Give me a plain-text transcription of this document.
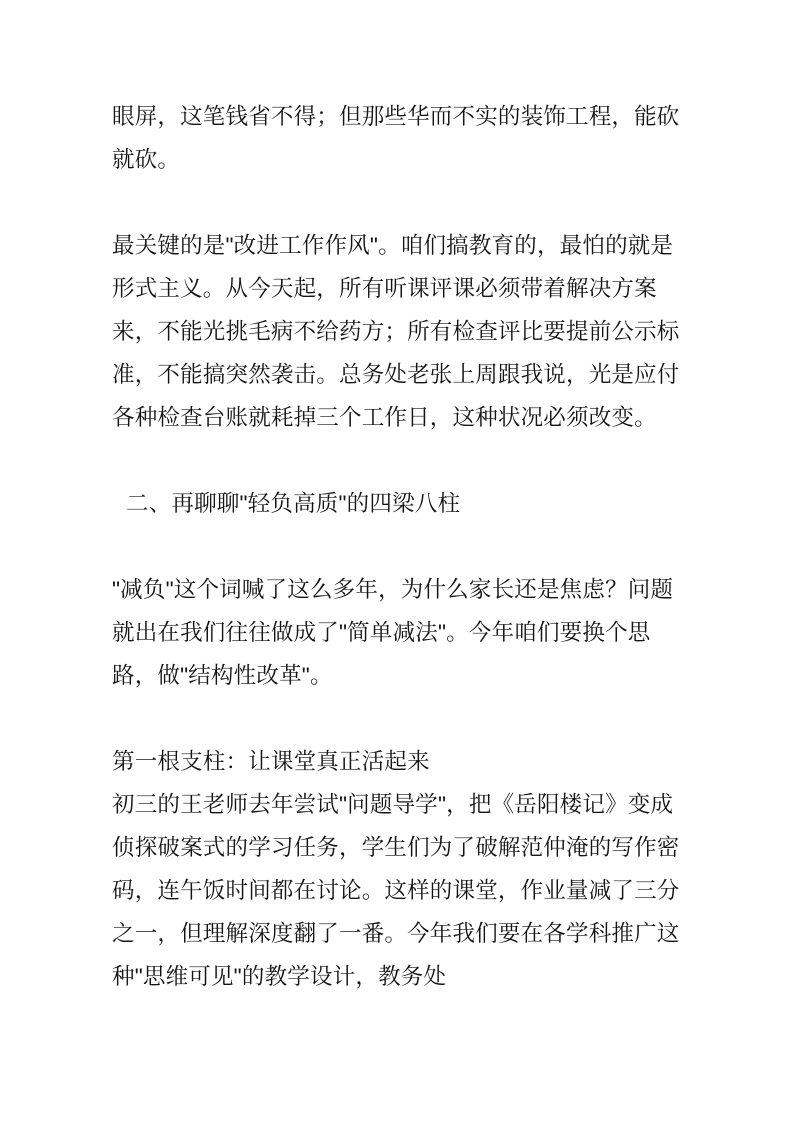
眼屏，这笔钱省不得；但那些华而不实的装饰工程，能砍就砍。

最关键的是"改进工作作风"。咱们搞教育的，最怕的就是形式主义。从今天起，所有听课评课必须带着解决方案来，不能光挑毛病不给药方；所有检查评比要提前公示标准，不能搞突然袭击。总务处老张上周跟我说，光是应付各种检查台账就耗掉三个工作日，这种状况必须改变。

二、再聊聊"轻负高质"的四梁八柱

"减负"这个词喊了这么多年，为什么家长还是焦虑？问题就出在我们往往做成了"简单减法"。今年咱们要换个思路，做"结构性改革"。

第一根支柱：让课堂真正活起来

初三的王老师去年尝试"问题导学"，把《岳阳楼记》变成侦探破案式的学习任务，学生们为了破解范仲淹的写作密码，连午饭时间都在讨论。这样的课堂，作业量减了三分之一，但理解深度翻了一番。今年我们要在各学科推广这种"思维可见"的教学设计，教务处
